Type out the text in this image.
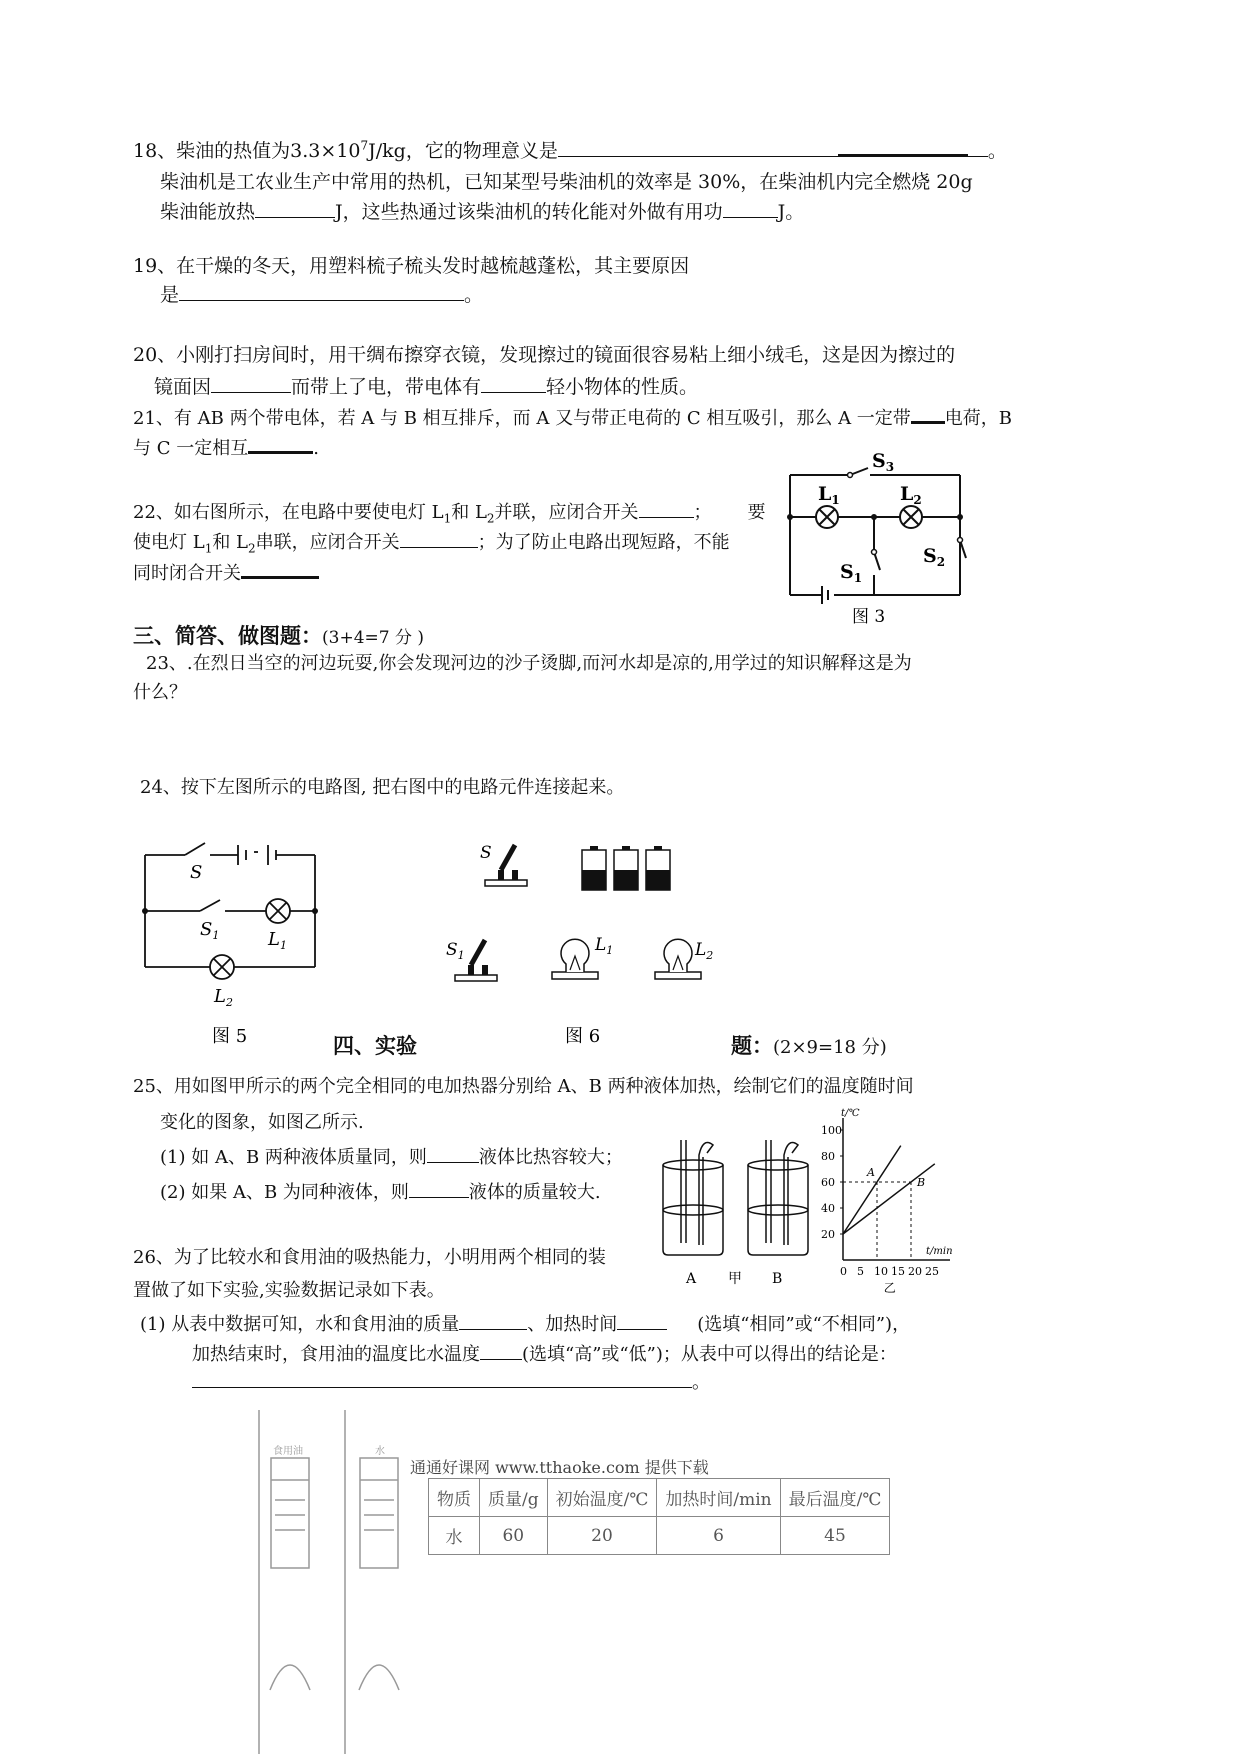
18、柴油的热值为$3.3\times 10^7J/kg$，它的物理意义是	。
柴油机是工农业生产中常用的热机，已知某型号柴油机的效率是 30%，在柴油机内完全燃烧 20g
柴油能放热	J，这些热通过该柴油机的转化能对外做有用功	J。
19、在干燥的冬天，用塑料梳子梳头发时越梳越蓬松，其主要原因
是	。
20、小刚打扫房间时，用干绸布擦穿衣镜，发现擦过的镜面很容易粘上细小绒毛，这是因为擦过的
镜面因	而带上了电，带电体有	轻小物体的性质。
21、有 AB 两个带电体，若 A 与 B 相互排斥，而 A 又与带正电荷的 C 相互吸引，那么 A 一定带 电荷，B
与 C 一定相互	.
22、如右图所示，在电路中要使电灯 $L_1$和 $L_2$并联，应闭合开关	； 要
使电灯 $L_1$和 $L_2$串联，应闭合开关	；为了防止电路出现短路，不能
同时闭合开关
$S_3$
$L_1$	$L_2$
$S_1$
$S_2$
图 3
三、简答、做图题：(3+4=7 分 )
23、.在烈日当空的河边玩耍,你会发现河边的沙子烫脚,而河水却是凉的,用学过的知识解释这是为
什么？
24、按下左图所示的电路图, 把右图中的电路元件连接起来。
S
$S_1$	$L_1$
$L_2$
图 5
S
$S_1$
$L_1$	$L_2$
图 6
四、实验	题：(2×9=18 分)
25、用如图甲所示的两个完全相同的电加热器分别给 A、B 两种液体加热，绘制它们的温度随时间
变化的图象，如图乙所示.
(1) 如 A、B 两种液体质量同，则	液体比热容较大；
(2) 如果 A、B 为同种液体，则	液体的质量较大.
A 甲 B
t/℃
t/min
100
80
60
40
20
0 5 10 15 20 25
A
B
乙
26、为了比较水和食用油的吸热能力，小明用两个相同的装
置做了如下实验,实验数据记录如下表。
(1) 从表中数据可知，水和食用油的质量	、加热时间	(选填“相同”或“不相同”)，
加热结束时，食用油的温度比水温度 (选填“高”或“低”)；从表中可以得出的结论是：
。
食用油	水
通通好课网 www.tthaoke.com 提供下载
物质	质量/g	初始温度/℃	加热时间/min	最后温度/℃
水	60	20	6	45
